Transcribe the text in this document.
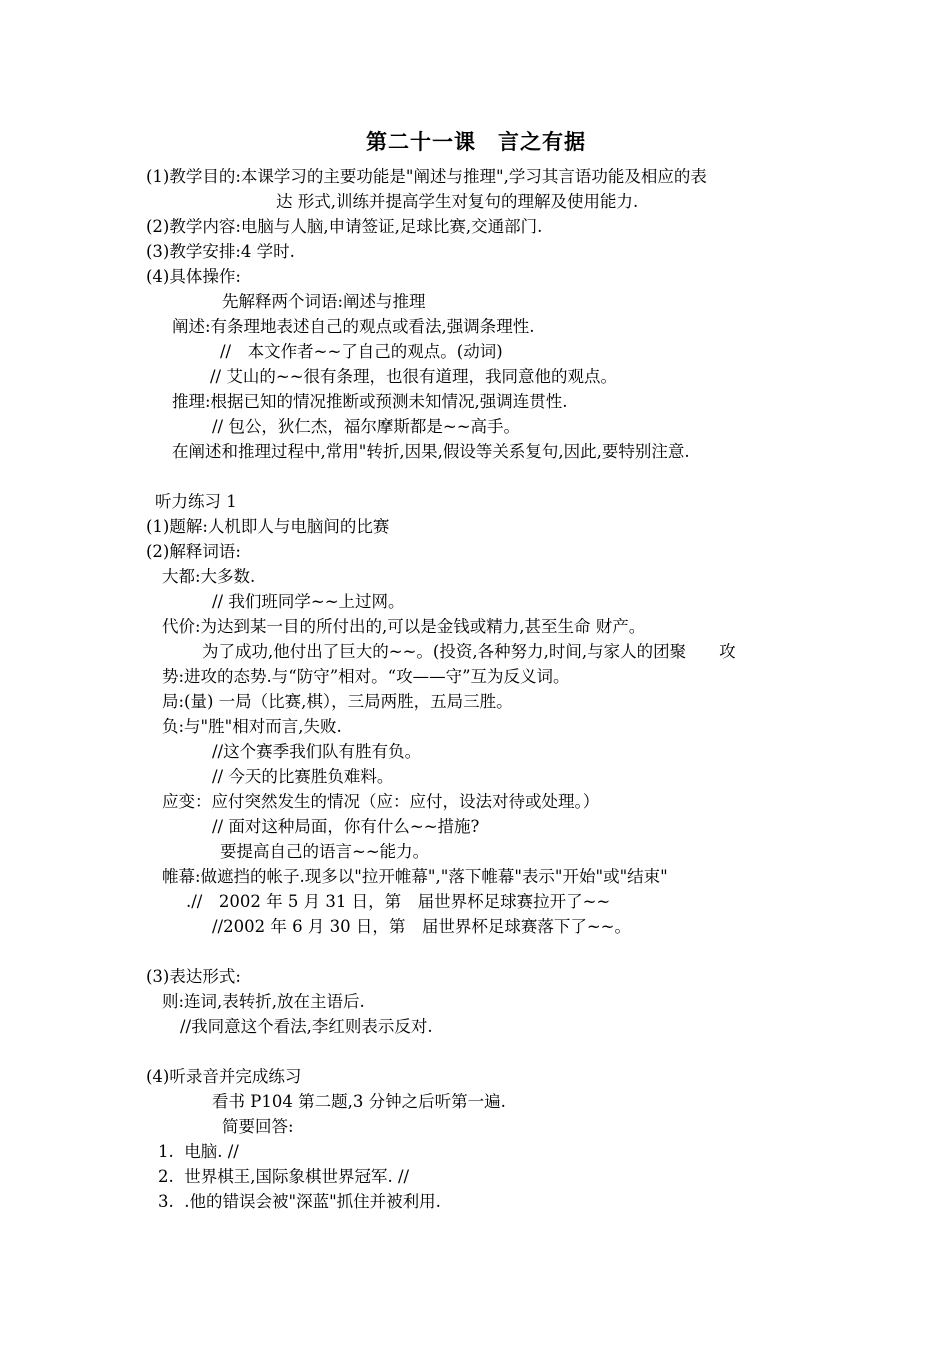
第二十一课　言之有据
(1)教学目的:本课学习的主要功能是"阐述与推理",学习其言语功能及相应的表
达 形式,训练并提高学生对复句的理解及使用能力.
(2)教学内容:电脑与人脑,申请签证,足球比赛,交通部门.
(3)教学安排:4 学时.
(4)具体操作:
先解释两个词语:阐述与推理
阐述:有条理地表述自己的观点或看法,强调条理性.
//　本文作者~~了自己的观点。(动词)
// 艾山的~~很有条理，也很有道理，我同意他的观点。
推理:根据已知的情况推断或预测未知情况,强调连贯性.
// 包公，狄仁杰，福尔摩斯都是~~高手。
在阐述和推理过程中,常用"转折,因果,假设等关系复句,因此,要特别注意.
听力练习 1
(1)题解:人机即人与电脑间的比赛
(2)解释词语:
大都:大多数.
// 我们班同学~~上过网。
代价:为达到某一目的所付出的,可以是金钱或精力,甚至生命 财产。
为了成功,他付出了巨大的~~。(投资,各种努力,时间,与家人的团聚　　攻
势:进攻的态势.与“防守”相对。“攻——守”互为反义词。
局:(量) 一局（比赛,棋），三局两胜，五局三胜。
负:与"胜"相对而言,失败.
//这个赛季我们队有胜有负。
// 今天的比赛胜负难料。
应变：应付突然发生的情况（应：应付，设法对待或处理。）
// 面对这种局面，你有什么~~措施?
要提高自己的语言~~能力。
帷幕:做遮挡的帐子.现多以"拉开帷幕","落下帷幕"表示"开始"或"结束"
.//　2002 年 5 月 31 日，第　届世界杯足球赛拉开了~~
//2002 年 6 月 30 日，第　届世界杯足球赛落下了~~。
(3)表达形式:
则:连词,表转折,放在主语后.
//我同意这个看法,李红则表示反对.
(4)听录音并完成练习
看书 P104 第二题,3 分钟之后听第一遍.
简要回答:
1.  电脑. //
2.  世界棋王,国际象棋世界冠军. //
3.  .他的错误会被"深蓝"抓住并被利用.
